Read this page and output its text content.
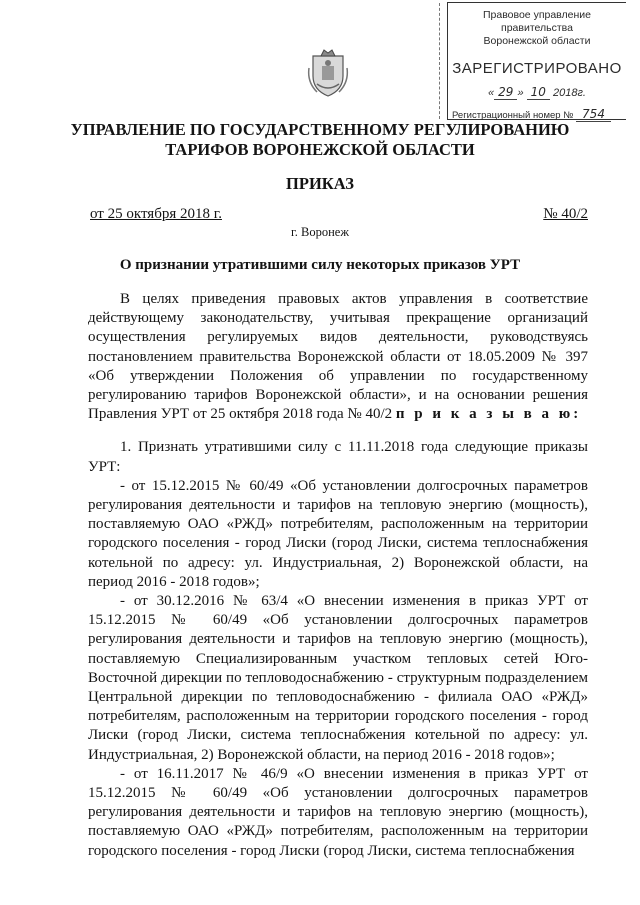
Правовое управление правительства
Воронежской области
ЗАРЕГИСТРИРОВАНО
« 29 » 10 2018г.
Регистрационный номер № 754
УПРАВЛЕНИЕ ПО ГОСУДАРСТВЕННОМУ РЕГУЛИРОВАНИЮ ТАРИФОВ ВОРОНЕЖСКОЙ ОБЛАСТИ
ПРИКАЗ
от 25 октября 2018 г.	№ 40/2
г. Воронеж
О признании утратившими силу некоторых приказов УРТ

В целях приведения правовых актов управления в соответствие действующему законодательству, учитывая прекращение организаций осуществления регулируемых видов деятельности, руководствуясь постановлением правительства Воронежской области от 18.05.2009 № 397 «Об утверждении Положения об управлении по государственному регулированию тарифов Воронежской области», и на основании решения Правления УРТ от 25 октября 2018 года № 40/2 п р и к а з ы в а ю:

1. Признать утратившими силу с 11.11.2018 года следующие приказы УРТ:

- от 15.12.2015 № 60/49 «Об установлении долгосрочных параметров регулирования деятельности и тарифов на тепловую энергию (мощность), поставляемую ОАО «РЖД» потребителям, расположенным на территории городского поселения - город Лиски (город Лиски, система теплоснабжения котельной по адресу: ул. Индустриальная, 2) Воронежской области, на период 2016 - 2018 годов»;

- от 30.12.2016 № 63/4 «О внесении изменения в приказ УРТ от 15.12.2015 № 60/49 «Об установлении долгосрочных параметров регулирования деятельности и тарифов на тепловую энергию (мощность), поставляемую Специализированным участком тепловых сетей Юго-Восточной дирекции по тепловодоснабжению - структурным подразделением Центральной дирекции по тепловодоснабжению - филиала ОАО «РЖД» потребителям, расположенным на территории городского поселения - город Лиски (город Лиски, система теплоснабжения котельной по адресу: ул. Индустриальная, 2) Воронежской области, на период 2016 - 2018 годов»;

- от 16.11.2017 № 46/9 «О внесении изменения в приказ УРТ от 15.12.2015 № 60/49 «Об установлении долгосрочных параметров регулирования деятельности и тарифов на тепловую энергию (мощность), поставляемую ОАО «РЖД» потребителям, расположенным на территории городского поселения - город Лиски (город Лиски, система теплоснабжения
